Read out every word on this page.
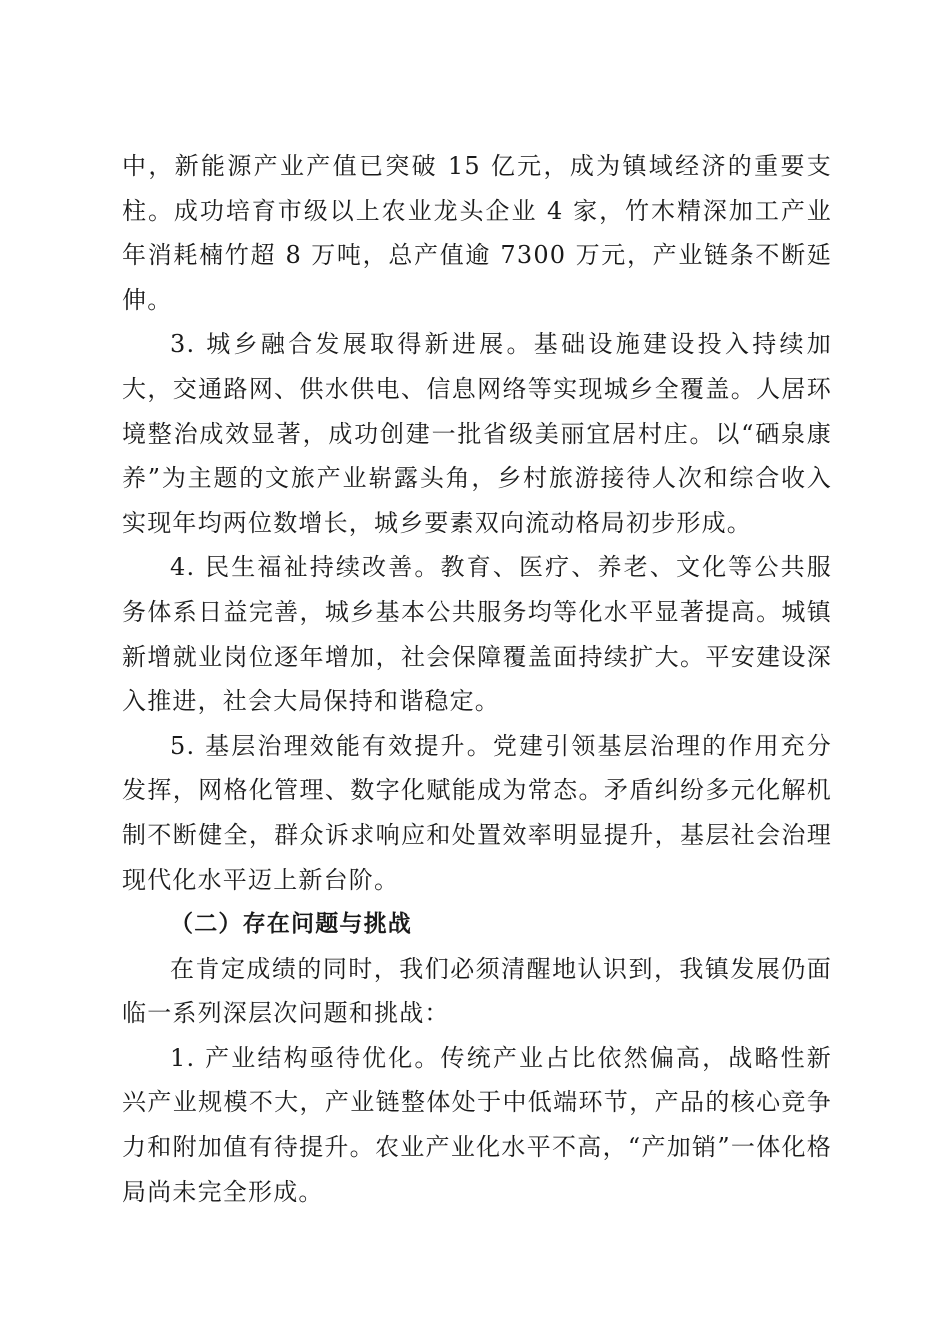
中，新能源产业产值已突破 15 亿元，成为镇域经济的重要支柱。成功培育市级以上农业龙头企业 4 家，竹木精深加工产业年消耗楠竹超 8 万吨，总产值逾 7300 万元，产业链条不断延伸。

3. 城乡融合发展取得新进展。基础设施建设投入持续加大，交通路网、供水供电、信息网络等实现城乡全覆盖。人居环境整治成效显著，成功创建一批省级美丽宜居村庄。以“硒泉康养”为主题的文旅产业崭露头角，乡村旅游接待人次和综合收入实现年均两位数增长，城乡要素双向流动格局初步形成。

4. 民生福祉持续改善。教育、医疗、养老、文化等公共服务体系日益完善，城乡基本公共服务均等化水平显著提高。城镇新增就业岗位逐年增加，社会保障覆盖面持续扩大。平安建设深入推进，社会大局保持和谐稳定。

5. 基层治理效能有效提升。党建引领基层治理的作用充分发挥，网格化管理、数字化赋能成为常态。矛盾纠纷多元化解机制不断健全，群众诉求响应和处置效率明显提升，基层社会治理现代化水平迈上新台阶。

（二）存在问题与挑战

在肯定成绩的同时，我们必须清醒地认识到，我镇发展仍面临一系列深层次问题和挑战：

1. 产业结构亟待优化。传统产业占比依然偏高，战略性新兴产业规模不大，产业链整体处于中低端环节，产品的核心竞争力和附加值有待提升。农业产业化水平不高，“产加销”一体化格局尚未完全形成。
